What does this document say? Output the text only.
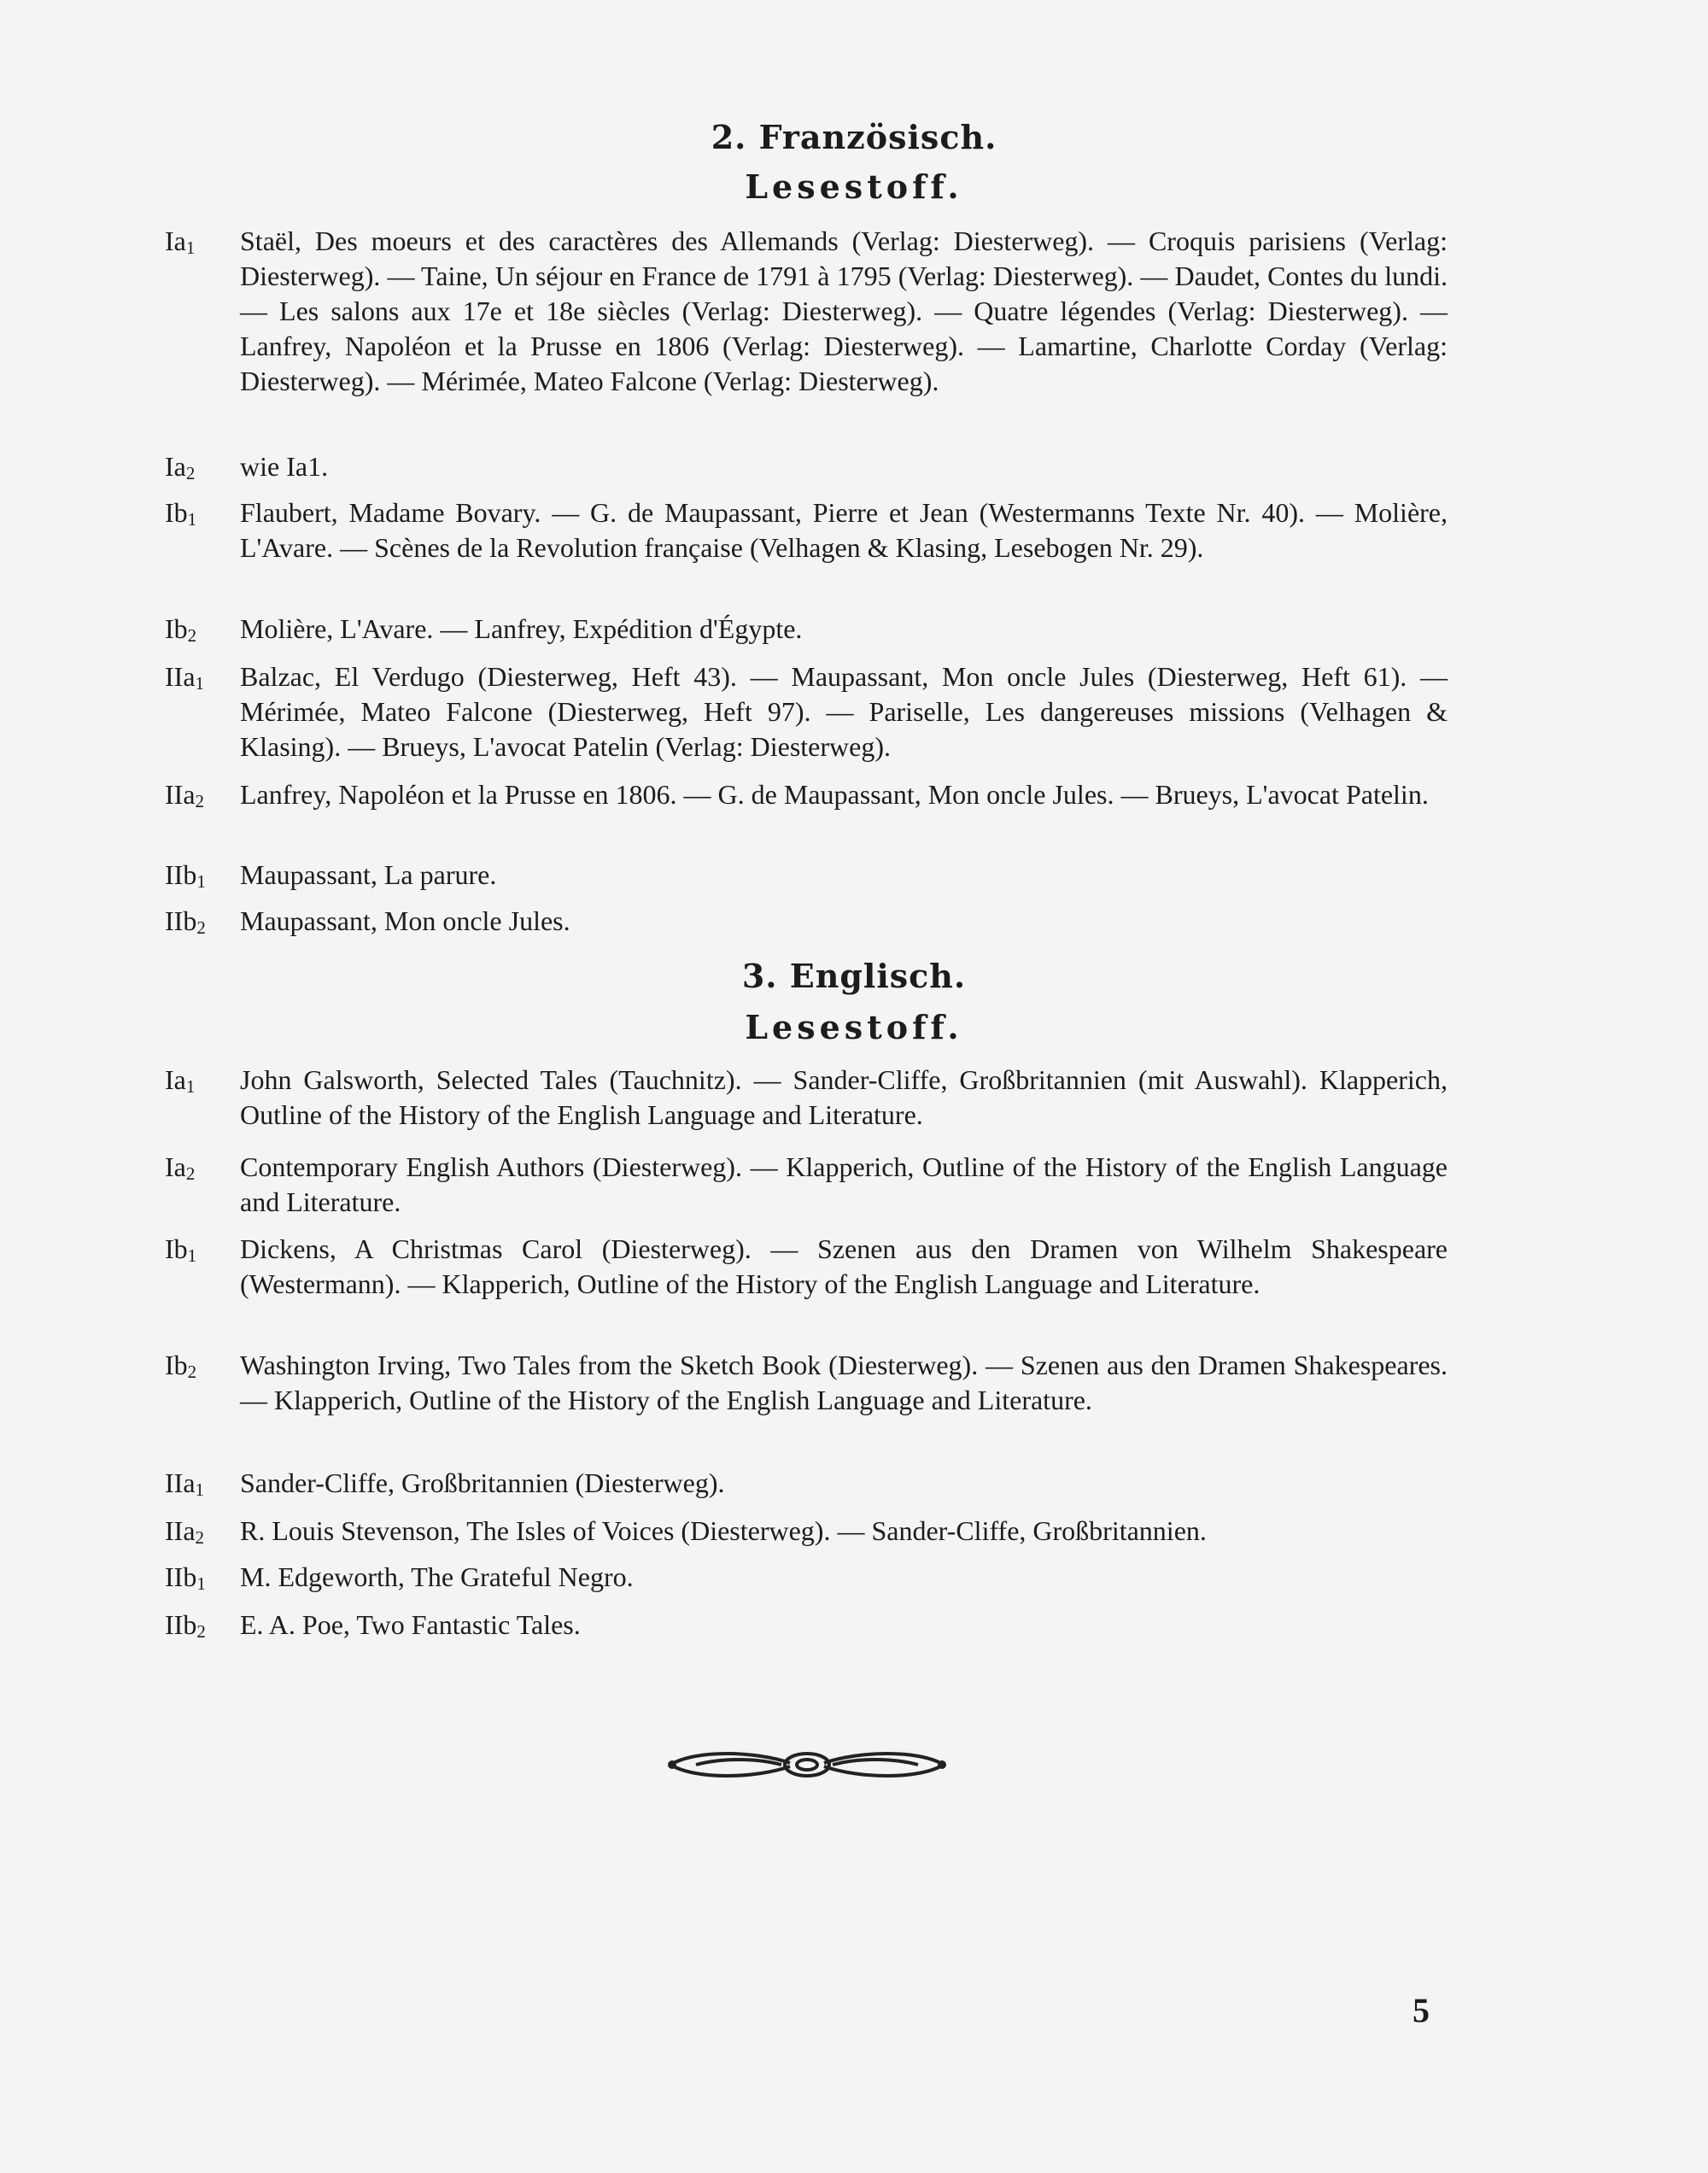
2. Französisch.
Lesestoff.
$Ia_1$	Staël, Des moeurs et des caractères des Allemands (Verlag: Diesterweg). — Croquis parisiens (Verlag: Diesterweg). — Taine, Un séjour en France de 1791 à 1795 (Verlag: Diesterweg). — Daudet, Contes du lundi. — Les salons aux 17e et 18e siècles (Verlag: Diesterweg). — Quatre légendes (Verlag: Diesterweg). — Lanfrey, Napoléon et la Prusse en 1806 (Verlag: Diesterweg). — Lamartine, Charlotte Corday (Verlag: Diesterweg). — Mérimée, Mateo Falcone (Verlag: Diesterweg).
$Ia_2$	wie Ia1.
$Ib_1$	Flaubert, Madame Bovary. — G. de Maupassant, Pierre et Jean (Westermanns Texte Nr. 40). — Molière, L'Avare. — Scènes de la Revolution française (Velhagen & Klasing, Lesebogen Nr. 29).
$Ib_2$	Molière, L'Avare. — Lanfrey, Expédition d'Égypte.
IIa$_1$	Balzac, El Verdugo (Diesterweg, Heft 43). — Maupassant, Mon oncle Jules (Diesterweg, Heft 61). — Mérimée, Mateo Falcone (Diesterweg, Heft 97). — Pariselle, Les dangereuses missions (Velhagen & Klasing). — Brueys, L'avocat Patelin (Verlag: Diesterweg).
IIa$_2$	Lanfrey, Napoléon et la Prusse en 1806. — G. de Maupassant, Mon oncle Jules. — Brueys, L'avocat Patelin.
IIb$_1$	Maupassant, La parure.
IIb$_2$	Maupassant, Mon oncle Jules.
3. Englisch.
Lesestoff.
$Ia_1$	John Galsworth, Selected Tales (Tauchnitz). — Sander-Cliffe, Großbritannien (mit Auswahl). Klapperich, Outline of the History of the English Language and Literature.
$Ia_2$	Contemporary English Authors (Diesterweg). — Klapperich, Outline of the History of the English Language and Literature.
$Ib_1$	Dickens, A Christmas Carol (Diesterweg). — Szenen aus den Dramen von Wilhelm Shakespeare (Westermann). — Klapperich, Outline of the History of the English Language and Literature.
$Ib_2$	Washington Irving, Two Tales from the Sketch Book (Diesterweg). — Szenen aus den Dramen Shakespeares. — Klapperich, Outline of the History of the English Language and Literature.
IIa$_1$	Sander-Cliffe, Großbritannien (Diesterweg).
IIa$_2$	R. Louis Stevenson, The Isles of Voices (Diesterweg). — Sander-Cliffe, Großbritannien.
IIb$_1$	M. Edgeworth, The Grateful Negro.
IIb$_2$	E. A. Poe, Two Fantastic Tales.
5
